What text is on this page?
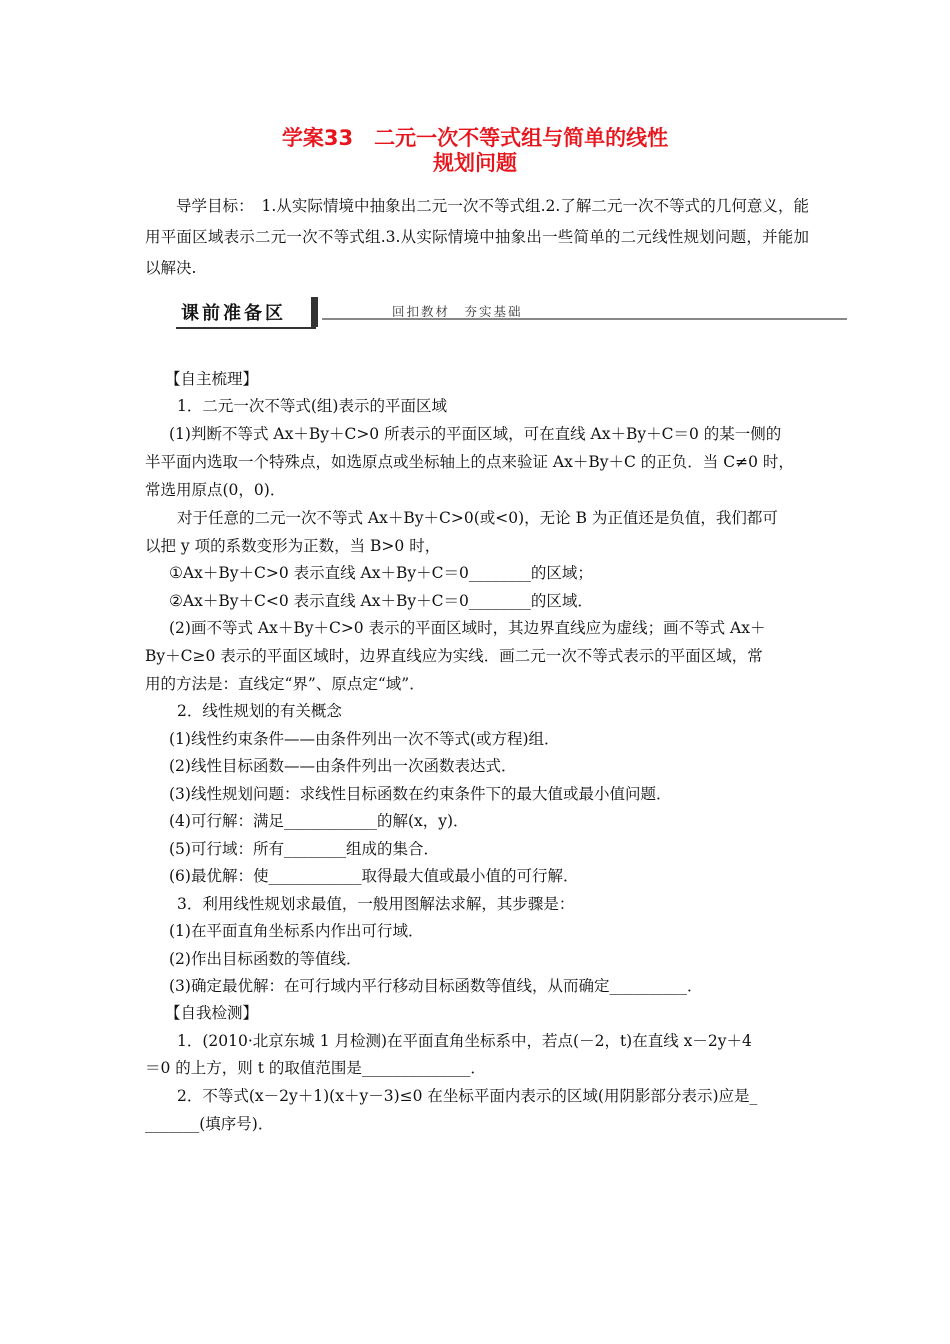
学案33　二元一次不等式组与简单的线性
规划问题
导学目标：　1.从实际情境中抽象出二元一次不等式组.2.了解二元一次不等式的几何意义，能用平面区域表示二元一次不等式组.3.从实际情境中抽象出一些简单的二元线性规划问题，并能加以解决.
课前准备区	回扣教材　夯实基础
【自主梳理】
1．二元一次不等式(组)表示的平面区域
(1)判断不等式 Ax＋By＋C>0 所表示的平面区域，可在直线 Ax＋By＋C＝0 的某一侧的
半平面内选取一个特殊点，如选原点或坐标轴上的点来验证 Ax＋By＋C 的正负．当 C≠0 时，
常选用原点(0，0)．
对于任意的二元一次不等式 Ax＋By＋C>0(或<0)，无论 B 为正值还是负值，我们都可
以把 y 项的系数变形为正数，当 B>0 时，
①Ax＋By＋C>0 表示直线 Ax＋By＋C＝0________的区域；
②Ax＋By＋C<0 表示直线 Ax＋By＋C＝0________的区域．
(2)画不等式 Ax＋By＋C>0 表示的平面区域时，其边界直线应为虚线；画不等式 Ax＋
By＋C≥0 表示的平面区域时，边界直线应为实线．画二元一次不等式表示的平面区域，常
用的方法是：直线定“界”、原点定“域”．
2．线性规划的有关概念
(1)线性约束条件——由条件列出一次不等式(或方程)组．
(2)线性目标函数——由条件列出一次函数表达式．
(3)线性规划问题：求线性目标函数在约束条件下的最大值或最小值问题．
(4)可行解：满足____________的解(x，y)．
(5)可行域：所有________组成的集合．
(6)最优解：使____________取得最大值或最小值的可行解．
3．利用线性规划求最值，一般用图解法求解，其步骤是：
(1)在平面直角坐标系内作出可行域．
(2)作出目标函数的等值线．
(3)确定最优解：在可行域内平行移动目标函数等值线，从而确定__________．
【自我检测】
1．(2010·北京东城 1 月检测)在平面直角坐标系中，若点(－2，t)在直线 x－2y＋4
＝0 的上方，则 t 的取值范围是______________．
2．不等式(x－2y＋1)(x＋y－3)≤0 在坐标平面内表示的区域(用阴影部分表示)应是_
_______(填序号)．
